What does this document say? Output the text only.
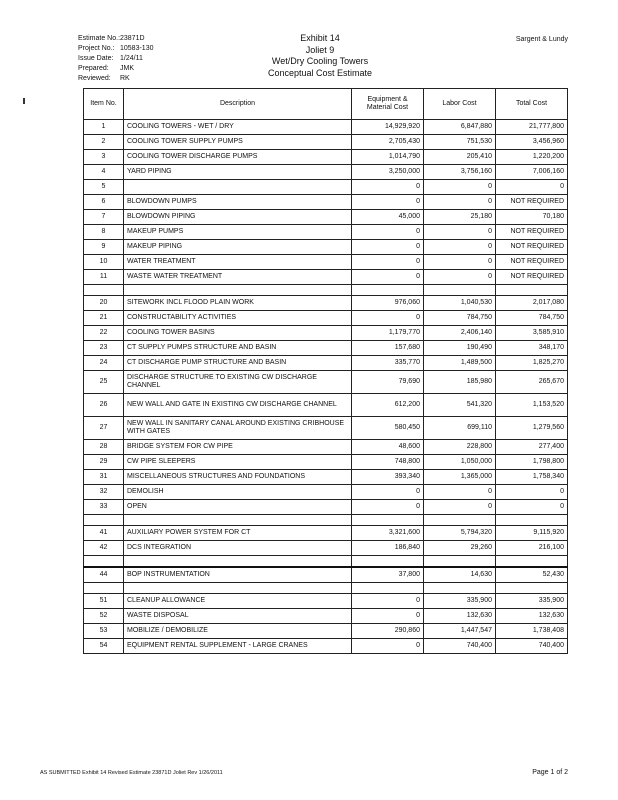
Estimate No.: 23871D
Project No.: 10583-130
Issue Date: 1/24/11
Prepared:	JMK
Reviewed:	RK
Exhibit 14
Joliet 9
Wet/Dry Cooling Towers
Conceptual Cost Estimate
Sargent & Lundy
Item No.	Description	Equipment & Material Cost	Labor Cost	Total Cost
1	COOLING TOWERS - WET / DRY	14,929,920	6,847,880	21,777,800
2	COOLING TOWER SUPPLY PUMPS	2,705,430	751,530	3,456,960
3	COOLING TOWER DISCHARGE PUMPS	1,014,790	205,410	1,220,200
4	YARD PIPING	3,250,000	3,756,160	7,006,160
5		0	0	0
6	BLOWDOWN PUMPS	0	0	NOT REQUIRED
7	BLOWDOWN PIPING	45,000	25,180	70,180
8	MAKEUP PUMPS	0	0	NOT REQUIRED
9	MAKEUP PIPING	0	0	NOT REQUIRED
10	WATER TREATMENT	0	0	NOT REQUIRED
11	WASTE WATER TREATMENT	0	0	NOT REQUIRED

20	SITEWORK INCL FLOOD PLAIN WORK	976,060	1,040,530	2,017,080
21	CONSTRUCTABILITY ACTIVITIES	0	784,750	784,750
22	COOLING TOWER BASINS	1,179,770	2,406,140	3,585,910
23	CT SUPPLY PUMPS STRUCTURE AND BASIN	157,680	190,490	348,170
24	CT DISCHARGE PUMP STRUCTURE AND BASIN	335,770	1,489,500	1,825,270
25	DISCHARGE STRUCTURE TO EXISTING CW DISCHARGE CHANNEL	79,690	185,980	265,670
26	NEW WALL AND GATE IN EXISTING CW DISCHARGE CHANNEL	612,200	541,320	1,153,520
27	NEW WALL IN SANITARY CANAL AROUND EXISTING CRIBHOUSE WITH GATES	580,450	699,110	1,279,560
28	BRIDGE SYSTEM FOR CW PIPE	48,600	228,800	277,400
29	CW PIPE SLEEPERS	748,800	1,050,000	1,798,800
31	MISCELLANEOUS STRUCTURES AND FOUNDATIONS	393,340	1,365,000	1,758,340
32	DEMOLISH	0	0	0
33	OPEN	0	0	0

41	AUXILIARY POWER SYSTEM FOR CT	3,321,600	5,794,320	9,115,920
42	DCS INTEGRATION	186,840	29,260	216,100

44	BOP INSTRUMENTATION	37,800	14,630	52,430

51	CLEANUP ALLOWANCE	0	335,900	335,900
52	WASTE DISPOSAL	0	132,630	132,630
53	MOBILIZE / DEMOBILIZE	290,860	1,447,547	1,738,408
54	EQUIPMENT RENTAL SUPPLEMENT - LARGE CRANES	0	740,400	740,400
AS SUBMITTED Exhibit 14 Revised Estimate 23871D Joliet Rev 1/26/2011	Page 1 of 2
